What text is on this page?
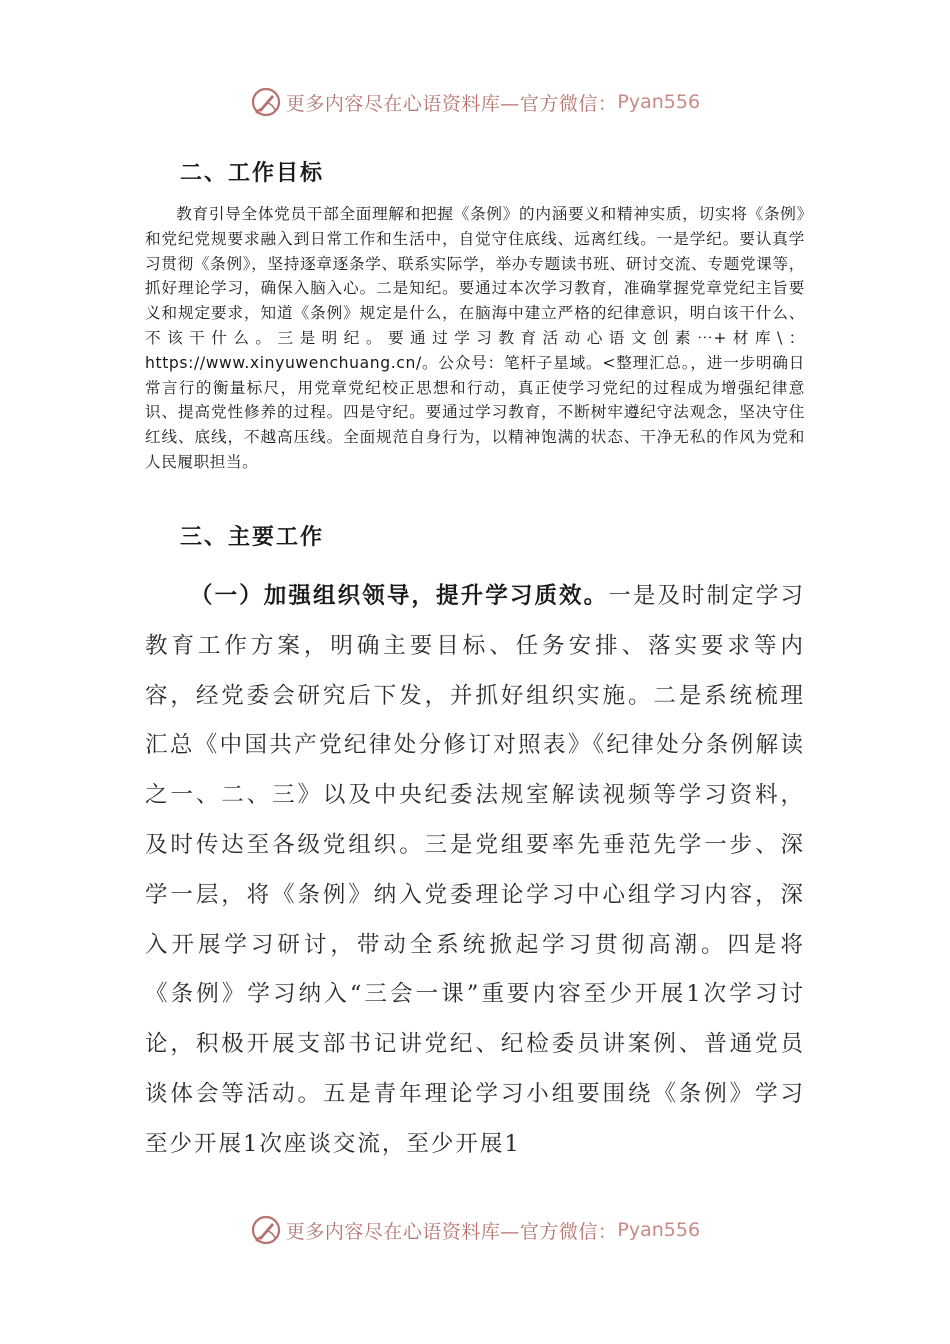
更多内容尽在心语资料库—官方微信： Pyan556
二、工作目标

教育引导全体党员干部全面理解和把握《条例》的内涵要义和精神实质，切实将《条例》和党纪党规要求融入到日常工作和生活中，自觉守住底线、远离红线。一是学纪。要认真学习贯彻《条例》，坚持逐章逐条学、联系实际学，举办专题读书班、研讨交流、专题党课等，抓好理论学习，确保入脑入心。二是知纪。要通过本次学习教育，准确掌握党章党纪主旨要义和规定要求，知道《条例》规定是什么，在脑海中建立严格的纪律意识，明白该干什么、不该干什么。三是明纪。要通过学习教育活动心语文创素⋯+材库\：https://www.xinyuwenchuang.cn/。公众号：笔杆子星域。<整理汇总。，进一步明确日常言行的衡量标尺，用党章党纪校正思想和行动，真正使学习党纪的过程成为增强纪律意识、提高党性修养的过程。四是守纪。要通过学习教育，不断树牢遵纪守法观念，坚决守住红线、底线，不越高压线。全面规范自身行为，以精神饱满的状态、干净无私的作风为党和人民履职担当。

三、主要工作

（一）加强组织领导，提升学习质效。一是及时制定学习教育工作方案，明确主要目标、任务安排、落实要求等内容，经党委会研究后下发，并抓好组织实施。二是系统梳理汇总《中国共产党纪律处分修订对照表》《纪律处分条例解读之一、二、三》以及中央纪委法规室解读视频等学习资料，及时传达至各级党组织。三是党组要率先垂范先学一步、深学一层，将《条例》纳入党委理论学习中心组学习内容，深入开展学习研讨，带动全系统掀起学习贯彻高潮。四是将《条例》学习纳入“三会一课”重要内容至少开展1次学习讨论，积极开展支部书记讲党纪、纪检委员讲案例、普通党员谈体会等活动。五是青年理论学习小组要围绕《条例》学习至少开展1次座谈交流，至少开展1

更多内容尽在心语资料库—官方微信： Pyan556
